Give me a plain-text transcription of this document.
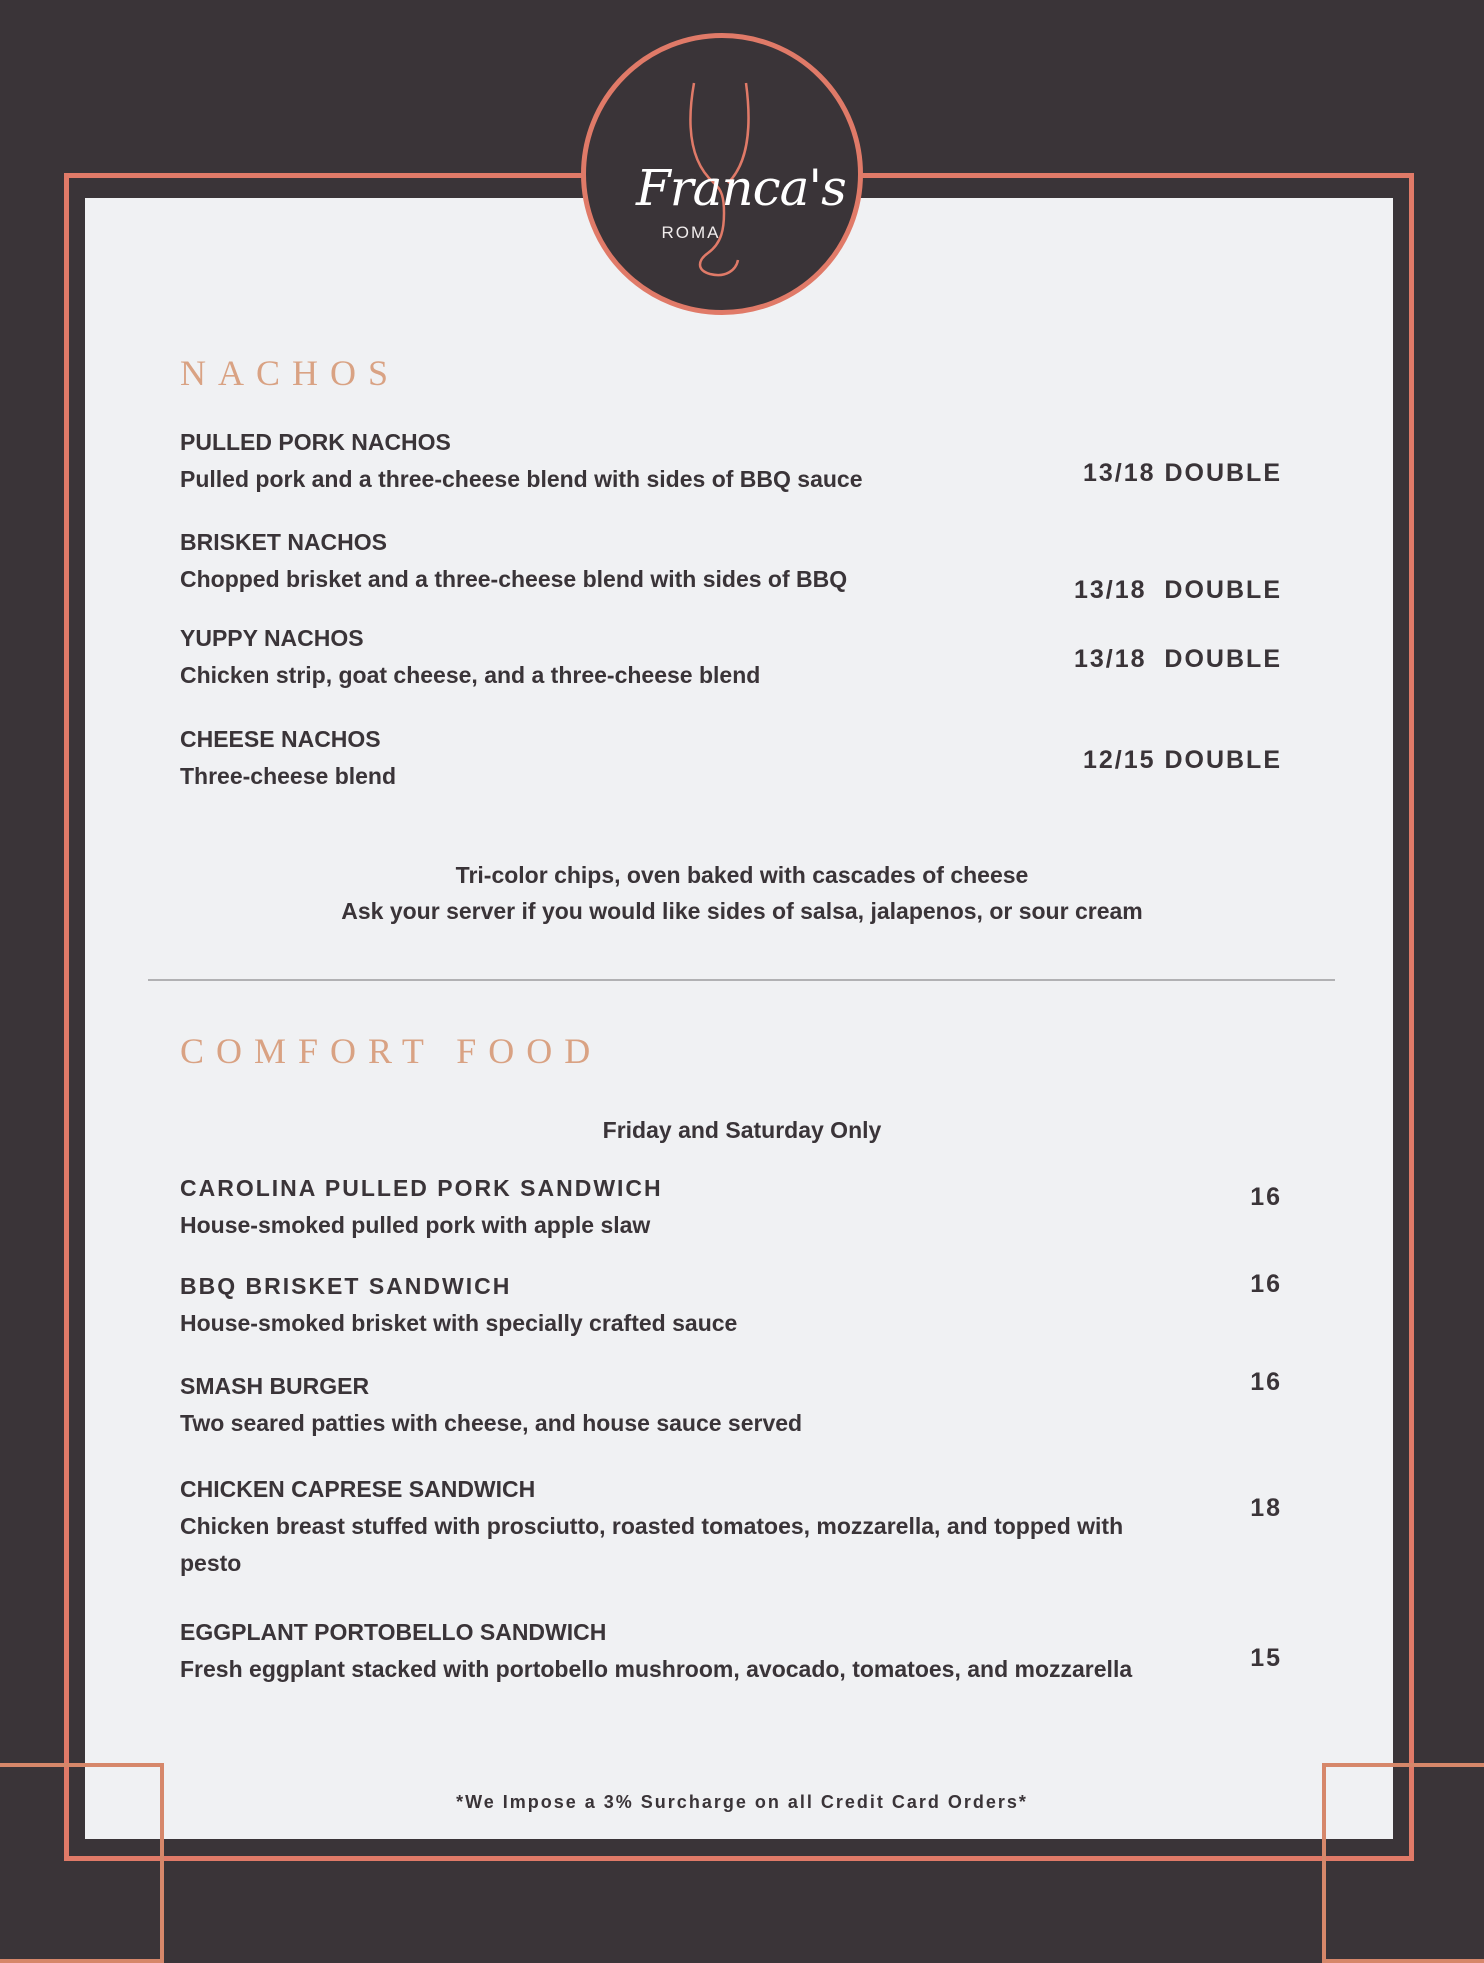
Franca's
ROMA
NACHOS
PULLED PORK NACHOS
Pulled pork and a three-cheese blend with sides of BBQ sauce	13/18 DOUBLE
BRISKET NACHOS
Chopped brisket and a three-cheese blend with sides of BBQ	13/18  DOUBLE
YUPPY NACHOS
Chicken strip, goat cheese, and a three-cheese blend
13/18  DOUBLE
CHEESE NACHOS
Three-cheese blend
12/15 DOUBLE
Tri-color chips, oven baked with cascades of cheese
Ask your server if you would like sides of salsa, jalapenos, or sour cream
COMFORT FOOD
Friday and Saturday Only
CAROLINA PULLED PORK SANDWICH
House-smoked pulled pork with apple slaw
16
BBQ BRISKET SANDWICH
House-smoked brisket with specially crafted sauce
16
SMASH BURGER
Two seared patties with cheese, and house sauce served
16
CHICKEN CAPRESE SANDWICH
Chicken breast stuffed with prosciutto, roasted tomatoes, mozzarella, and topped with pesto
18
EGGPLANT PORTOBELLO SANDWICH
Fresh eggplant stacked with portobello mushroom, avocado, tomatoes, and mozzarella	15
*We Impose a 3% Surcharge on all Credit Card Orders*
